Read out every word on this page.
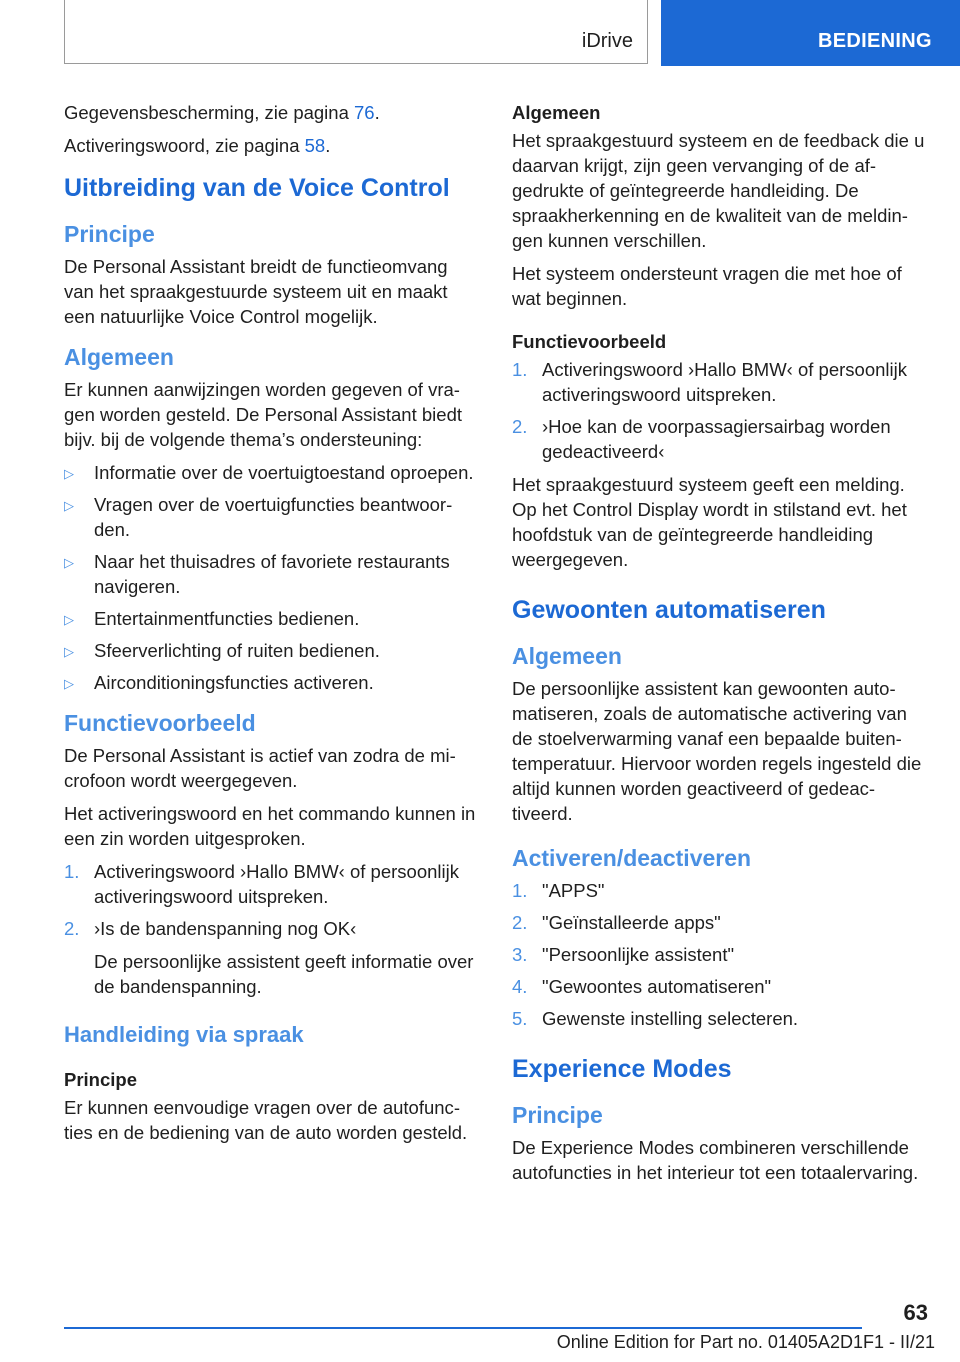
iDrive	BEDIENING

Gegevensbescherming, zie pagina 76.

Activeringswoord, zie pagina 58.

Uitbreiding van de Voice Control
Principe

De Personal Assistant breidt de functieomvang van het spraakgestuurde systeem uit en maakt een natuurlijke Voice Control mogelijk.

Algemeen

Er kunnen aanwijzingen worden gegeven of vragen worden gesteld. De Personal Assistant biedt bijv. bij de volgende thema’s ondersteuning:

▷ Informatie over de voertuigtoestand oproepen.

▷ Vragen over de voertuigfuncties beantwoorden.

▷ Naar het thuisadres of favoriete restaurants navigeren.

▷ Entertainmentfuncties bedienen.

▷ Sfeerverlichting of ruiten bedienen.

▷ Airconditioningsfuncties activeren.

Functievoorbeeld

De Personal Assistant is actief van zodra de microfoon wordt weergegeven.

Het activeringswoord en het commando kunnen in een zin worden uitgesproken.

1. Activeringswoord ›Hallo BMW‹ of persoonlijk activeringswoord uitspreken.

2. ›Is de bandenspanning nog OK‹

De persoonlijke assistent geeft informatie over de bandenspanning.

Handleiding via spraak
Principe

Er kunnen eenvoudige vragen over de autofuncties en de bediening van de auto worden gesteld.

Algemeen

Het spraakgestuurd systeem en de feedback die u daarvan krijgt, zijn geen vervanging of de afgedrukte of geïntegreerde handleiding. De spraakherkenning en de kwaliteit van de meldingen kunnen verschillen.

Het systeem ondersteunt vragen die met hoe of wat beginnen.

Functievoorbeeld
1. Activeringswoord ›Hallo BMW‹ of persoonlijk activeringswoord uitspreken.

2. ›Hoe kan de voorpassagiersairbag worden gedeactiveerd‹

Het spraakgestuurd systeem geeft een melding. Op het Control Display wordt in stilstand evt. het hoofdstuk van de geïntegreerde handleiding weergegeven.

Gewoonten automatiseren
Algemeen

De persoonlijke assistent kan gewoonten automatiseren, zoals de automatische activering van de stoelverwarming vanaf een bepaalde buitentemperatuur. Hiervoor worden regels ingesteld die altijd kunnen worden geactiveerd of gedeactiveerd.

Activeren/deactiveren
1. "APPS"

2. "Geïnstalleerde apps"

3. "Persoonlijke assistent"

4. "Gewoontes automatiseren"

5. Gewenste instelling selecteren.

Experience Modes
Principe

De Experience Modes combineren verschillende autofuncties in het interieur tot een totaalervaring.

63
Online Edition for Part no. 01405A2D1F1 - II/21
